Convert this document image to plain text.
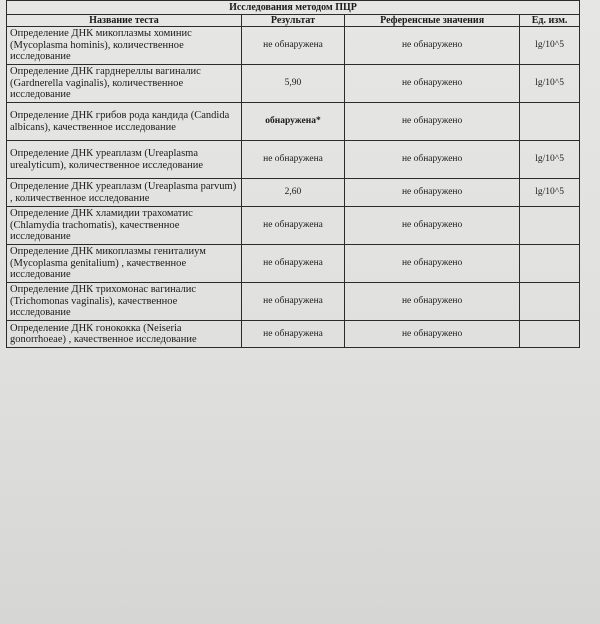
Исследования методом ПЦР			
Название теста	Результат	Референсные значения	Ед. изм.
Определение ДНК микоплазмы хоминис (Mycoplasma hominis), количественное исследование	не обнаружена	не обнаружено	lg/10^5
Определение ДНК гарднереллы вагиналис (Gardnerella vaginalis), количественное исследование	5,90	не обнаружено	lg/10^5
Определение ДНК грибов рода кандида (Candida albicans), качественное исследование	обнаружена*	не обнаружено	
Определение ДНК уреаплазм (Ureaplasma urealyticum), количественное исследование	не обнаружена	не обнаружено	lg/10^5
Определение ДНК уреаплазм (Ureaplasma parvum) , количественное исследование	2,60	не обнаружено	lg/10^5
Определение ДНК хламидии трахоматис (Chlamydia trachomatis), качественное исследование	не обнаружена	не обнаружено	
Определение ДНК микоплазмы гениталиум (Mycoplasma genitalium) , качественное исследование	не обнаружена	не обнаружено	
Определение ДНК трихомонас вагиналис (Trichomonas vaginalis), качественное исследование	не обнаружена	не обнаружено	
Определение ДНК гонококка (Neiseria gonorrhoeae) , качественное исследование	не обнаружена	не обнаружено	
